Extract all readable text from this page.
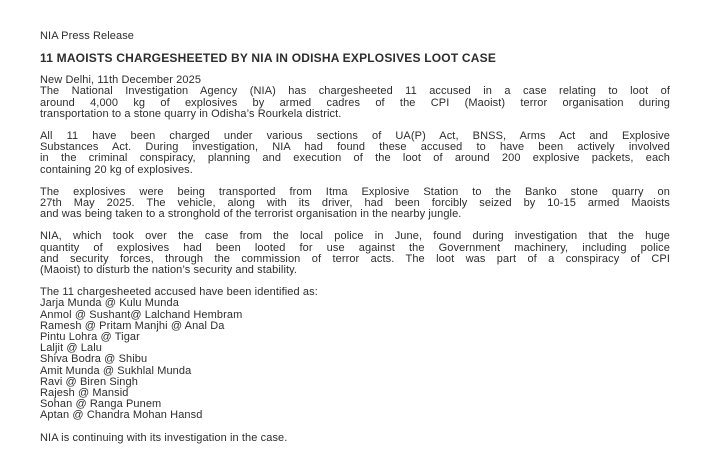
NIA Press Release
11 MAOISTS CHARGESHEETED BY NIA IN ODISHA EXPLOSIVES LOOT CASE
New Delhi, 11th December 2025
The National Investigation Agency (NIA) has chargesheeted 11 accused in a case relating to loot of
around 4,000 kg of explosives by armed cadres of the CPI (Maoist) terror organisation during
transportation to a stone quarry in Odisha’s Rourkela district.
All 11 have been charged under various sections of UA(P) Act, BNSS, Arms Act and Explosive
Substances Act. During investigation, NIA had found these accused to have been actively involved
in the criminal conspiracy, planning and execution of the loot of around 200 explosive packets, each
containing 20 kg of explosives.
The explosives were being transported from Itma Explosive Station to the Banko stone quarry on
27th May 2025. The vehicle, along with its driver, had been forcibly seized by 10-15 armed Maoists
and was being taken to a stronghold of the terrorist organisation in the nearby jungle.
NIA, which took over the case from the local police in June, found during investigation that the huge
quantity of explosives had been looted for use against the Government machinery, including police
and security forces, through the commission of terror acts. The loot was part of a conspiracy of CPI
(Maoist) to disturb the nation’s security and stability.
The 11 chargesheeted accused have been identified as:
Jarja Munda @ Kulu Munda
Anmol @ Sushant@ Lalchand Hembram
Ramesh @ Pritam Manjhi @ Anal Da
Pintu Lohra @ Tigar
Laljit @ Lalu
Shiva Bodra @ Shibu
Amit Munda @ Sukhlal Munda
Ravi @ Biren Singh
Rajesh @ Mansid
Sohan @ Ranga Punem
Aptan @ Chandra Mohan Hansd
NIA is continuing with its investigation in the case.
